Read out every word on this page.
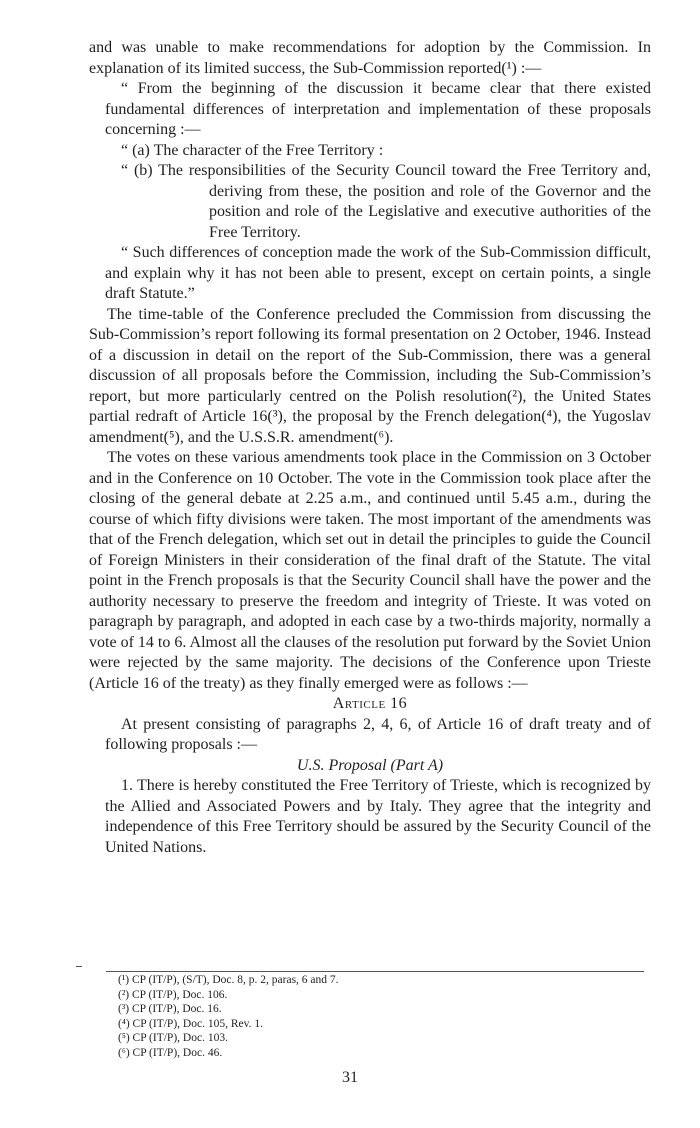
and was unable to make recommendations for adoption by the Commission. In explanation of its limited success, the Sub-Commission reported(¹) :—

“ From the beginning of the discussion it became clear that there existed fundamental differences of interpretation and implementation of these proposals concerning :—

“ (a) The character of the Free Territory :

“ (b) The responsibilities of the Security Council toward the Free Territory and, deriving from these, the position and role of the Governor and the position and role of the Legislative and executive authorities of the Free Territory.

“ Such differences of conception made the work of the Sub-Commission difficult, and explain why it has not been able to present, except on certain points, a single draft Statute.”

The time-table of the Conference precluded the Commission from discussing the Sub-Commission’s report following its formal presentation on 2 October, 1946. Instead of a discussion in detail on the report of the Sub-Commission, there was a general discussion of all proposals before the Commission, including the Sub-Commission’s report, but more particularly centred on the Polish resolution(²), the United States partial redraft of Article 16(³), the proposal by the French delegation(⁴), the Yugoslav amendment(⁵), and the U.S.S.R. amendment(⁶).

The votes on these various amendments took place in the Commission on 3 October and in the Conference on 10 October. The vote in the Commission took place after the closing of the general debate at 2.25 a.m., and continued until 5.45 a.m., during the course of which fifty divisions were taken. The most important of the amendments was that of the French delegation, which set out in detail the principles to guide the Council of Foreign Ministers in their consideration of the final draft of the Statute. The vital point in the French proposals is that the Security Council shall have the power and the authority necessary to preserve the freedom and integrity of Trieste. It was voted on paragraph by paragraph, and adopted in each case by a two-thirds majority, normally a vote of 14 to 6. Almost all the clauses of the resolution put forward by the Soviet Union were rejected by the same majority. The decisions of the Conference upon Trieste (Article 16 of the treaty) as they finally emerged were as follows :—

Article 16

At present consisting of paragraphs 2, 4, 6, of Article 16 of draft treaty and of following proposals :—

U.S. Proposal (Part A)

1. There is hereby constituted the Free Territory of Trieste, which is recognized by the Allied and Associated Powers and by Italy. They agree that the integrity and independence of this Free Territory should be assured by the Security Council of the United Nations.

(¹) CP (IT/P), (S/T), Doc. 8, p. 2, paras, 6 and 7.
(²) CP (IT/P), Doc. 106.
(³) CP (IT/P), Doc. 16.
(⁴) CP (IT/P), Doc. 105, Rev. 1.
(⁵) CP (IT/P), Doc. 103.
(⁶) CP (IT/P), Doc. 46.
31
